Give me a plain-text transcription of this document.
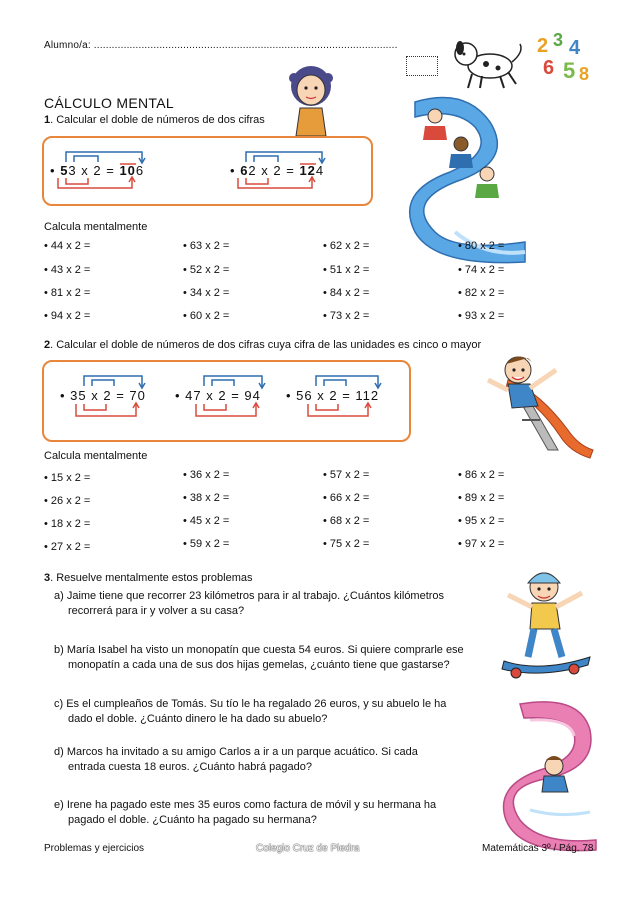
Alumno/a: ......................................................................................................	2 3 4
6 5 8
CÁLCULO MENTAL
1. Calcular el doble de números de dos cifras
• 53 x 2 = 106	• 62 x 2 = 124
Calcula mentalmente
• 44 x 2 =	• 63 x 2 =	• 62 x 2 =	• 80 x 2 =
• 43 x 2 =	• 52 x 2 =	• 51 x 2 =	• 74 x 2 =
• 81 x 2 =	• 34 x 2 =	• 84 x 2 =	• 82 x 2 =
• 94 x 2 =	• 60 x 2 =	• 73 x 2 =	• 93 x 2 =
2. Calcular el doble de números de dos cifras cuya cifra de las unidades es cinco o mayor
• 35 x 2 = 70 • 47 x 2 = 94 • 56 x 2 = 112
Calcula mentalmente
• 15 x 2 =	• 36 x 2 =	• 57 x 2 =	• 86 x 2 =
• 26 x 2 =	• 38 x 2 =	• 66 x 2 =	• 89 x 2 =
• 18 x 2 =	• 45 x 2 =	• 68 x 2 =	• 95 x 2 =
• 27 x 2 =	• 59 x 2 =	• 75 x 2 =	• 97 x 2 =
3. Resuelve mentalmente estos problemas
a) Jaime tiene que recorrer 23 kilómetros para ir al trabajo. ¿Cuántos kilómetros
recorrerá para ir y volver a su casa?
b) María Isabel ha visto un monopatín que cuesta 54 euros. Si quiere comprarle ese
monopatín a cada una de sus dos hijas gemelas, ¿cuánto tiene que gastarse?
c) Es el cumpleaños de Tomás. Su tío le ha regalado 26 euros, y su abuelo le ha
dado el doble. ¿Cuánto dinero le ha dado su abuelo?
d) Marcos ha invitado a su amigo Carlos a ir a un parque acuático. Si cada
entrada cuesta 18 euros. ¿Cuánto habrá pagado?
e) Irene ha pagado este mes 35 euros como factura de móvil y su hermana ha
pagado el doble. ¿Cuánto ha pagado su hermana?
Problemas y ejercicios	Colegio Cruz de Piedra	Matemáticas 3º / Pág. 78
